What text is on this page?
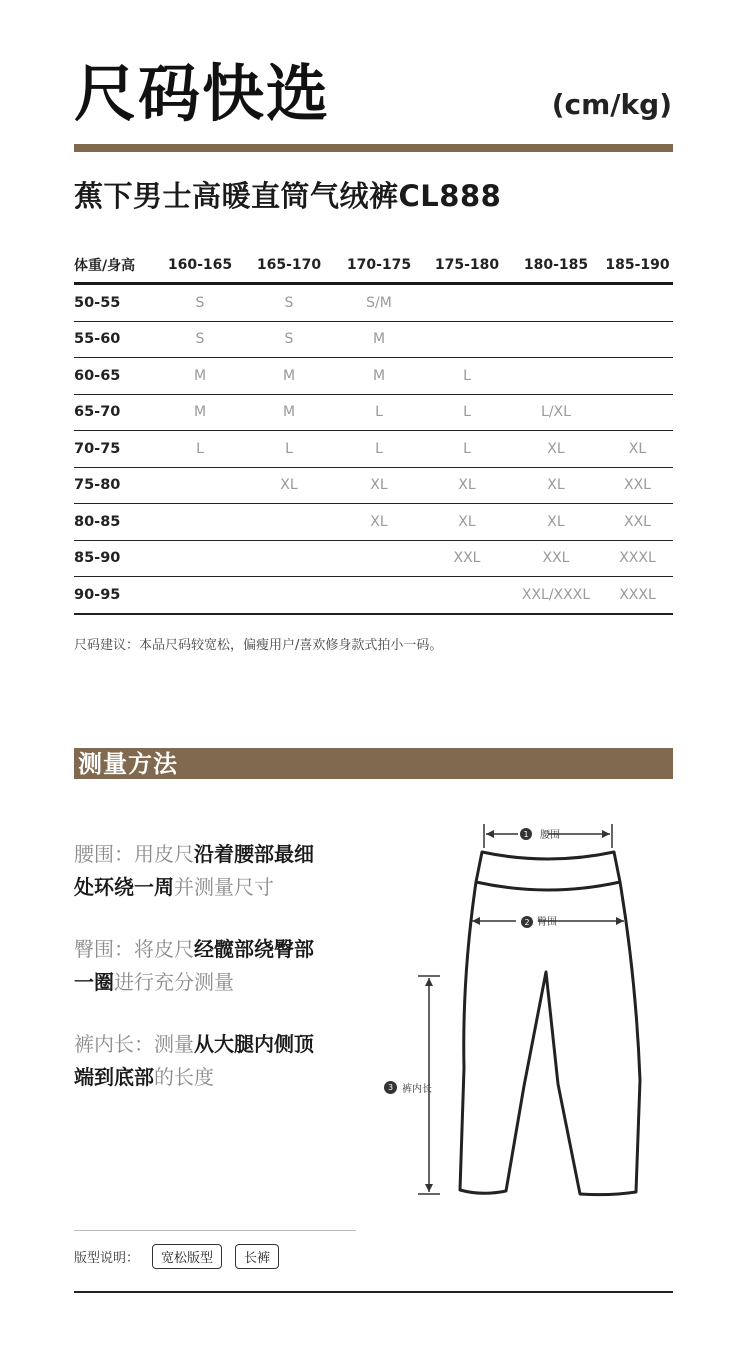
尺码快选	(cm/kg)
蕉下男士高暖直筒气绒裤CL888
体重/身高	160-165	165-170	170-175	175-180	180-185	185-190
50-55	S	S	S/M			
55-60	S	S	M			
60-65	M	M	M	L		
65-70	M	M	L	L	L/XL	
70-75	L	L	L	L	XL	XL
75-80		XL	XL	XL	XL	XXL
80-85			XL	XL	XL	XXL
85-90				XXL	XXL	XXXL
90-95					XXL/XXXL	XXXL
尺码建议：本品尺码较宽松，偏瘦用户/喜欢修身款式拍小一码。
测量方法
腰围：用皮尺沿着腰部最细
处环绕一周并测量尺寸
臀围：将皮尺经髋部绕臀部
一圈进行充分测量
裤内长：测量从大腿内侧顶
端到底部的长度
1 腰围
2 臀围
3 裤内长
版型说明：	宽松版型	长裤
